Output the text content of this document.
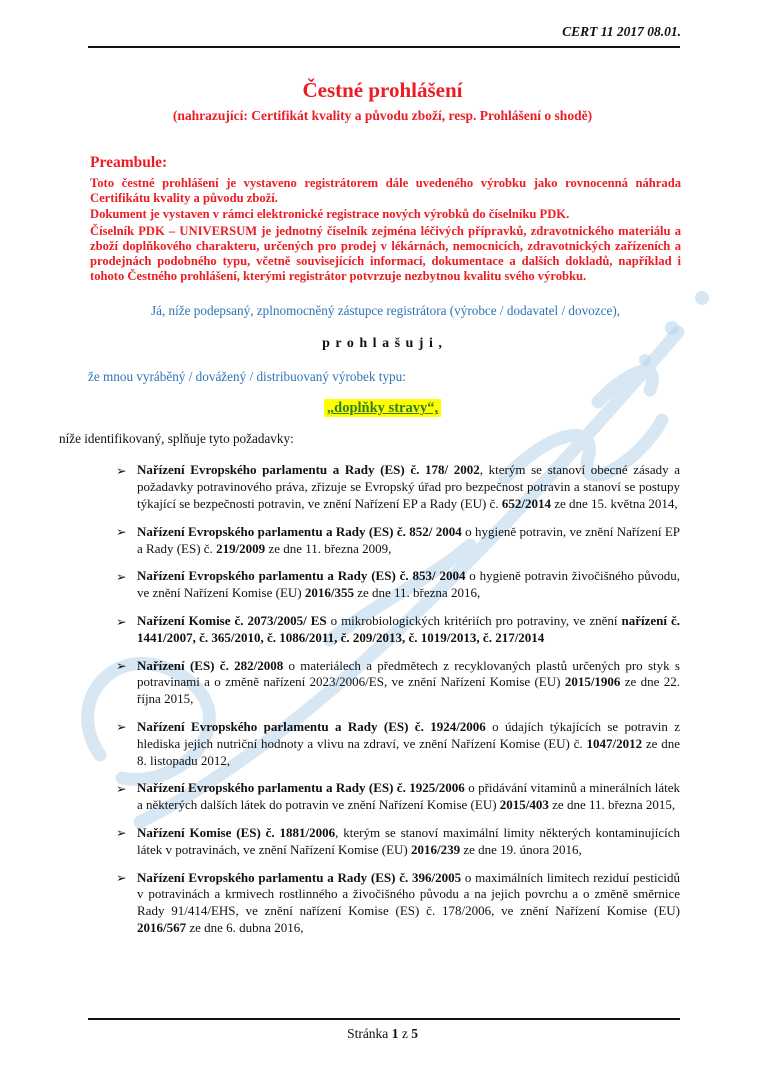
CERT 11 2017 08.01.
Čestné prohlášení
(nahrazující: Certifikát kvality a původu zboží, resp. Prohlášení o shodě)
Preambule:

Toto čestné prohlášení je vystaveno registrátorem dále uvedeného výrobku jako rovnocenná náhrada Certifikátu kvality a původu zboží.

Dokument je vystaven v rámci elektronické registrace nových výrobků do číselníku PDK.

Číselník PDK – UNIVERSUM je jednotný číselník zejména léčivých přípravků, zdravotnického materiálu a zboží doplňkového charakteru, určených pro prodej v lékárnách, nemocnicích, zdravotnických zařízeních a prodejnách podobného typu, včetně souvisejících informací, dokumentace a dalších dokladů, například i tohoto Čestného prohlášení, kterými registrátor potvrzuje nezbytnou kvalitu svého výrobku.

Já, níže podepsaný, zplnomocněný zástupce registrátora (výrobce / dodavatel / dovozce),

p r o h l a š u j i ,

že mnou vyráběný / dovážený / distribuovaný výrobek typu:

„doplňky stravy“,

níže identifikovaný, splňuje tyto požadavky:

➢ Nařízení Evropského parlamentu a Rady (ES) č. 178/ 2002, kterým se stanoví obecné zásady a požadavky potravinového práva, zřizuje se Evropský úřad pro bezpečnost potravin a stanoví se postupy týkající se bezpečnosti potravin, ve znění Nařízení EP a Rady (EU) č. 652/2014 ze dne 15. května 2014,
➢ Nařízení Evropského parlamentu a Rady (ES) č. 852/ 2004 o hygieně potravin, ve znění Nařízení EP a Rady (ES) č. 219/2009 ze dne 11. března 2009,
➢ Nařízení Evropského parlamentu a Rady (ES) č. 853/ 2004 o hygieně potravin živočišného původu, ve znění Nařízení Komise (EU) 2016/355 ze dne 11. března 2016,
➢ Nařízení Komise č. 2073/2005/ ES o mikrobiologických kritériích pro potraviny, ve znění nařízení č. 1441/2007, č. 365/2010, č. 1086/2011, č. 209/2013, č. 1019/2013, č. 217/2014
➢ Nařízení (ES) č. 282/2008 o materiálech a předmětech z recyklovaných plastů určených pro styk s potravinami a o změně nařízení 2023/2006/ES, ve znění Nařízení Komise (EU) 2015/1906 ze dne 22. října 2015,
➢ Nařízení Evropského parlamentu a Rady (ES) č. 1924/2006 o údajích týkajících se potravin z hlediska jejich nutriční hodnoty a vlivu na zdraví, ve znění Nařízení Komise (EU) č. 1047/2012 ze dne 8. listopadu 2012,
➢ Nařízení Evropského parlamentu a Rady (ES) č. 1925/2006 o přidávání vitaminů a minerálních látek a některých dalších látek do potravin ve znění Nařízení Komise (EU) 2015/403 ze dne 11. března 2015,
➢ Nařízení Komise (ES) č. 1881/2006, kterým se stanoví maximální limity některých kontaminujících látek v potravinách, ve znění Nařízení Komise (EU) 2016/239 ze dne 19. února 2016,
➢ Nařízení Evropského parlamentu a Rady (ES) č. 396/2005 o maximálních limitech reziduí pesticidů v potravinách a krmivech rostlinného a živočišného původu a na jejich povrchu a o změně směrnice Rady 91/414/EHS, ve znění nařízení Komise (ES) č. 178/2006, ve znění Nařízení Komise (EU) 2016/567 ze dne 6. dubna 2016,
Stránka 1 z 5
